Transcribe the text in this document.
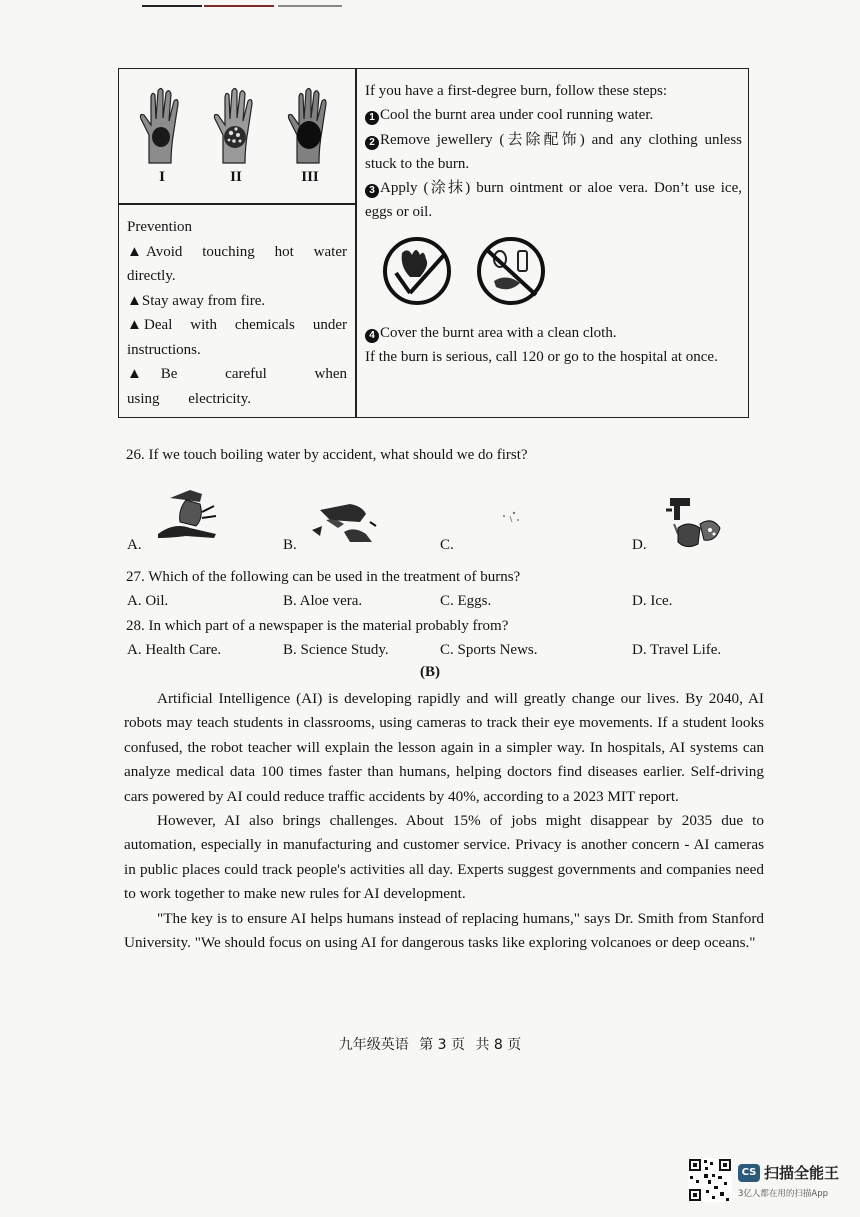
I	II	III
Prevention
▲Avoid touching hot water directly.
▲Stay away from fire.
▲Deal with chemicals under instructions.
▲Be careful when using electricity.

If you have a first-degree burn, follow these steps:

1 Cool the burnt area under cool running water.

2 Remove jewellery (去除配饰) and any clothing unless stuck to the burn.

3 Apply (涂抹) burn ointment or aloe vera. Don’t use ice, eggs or oil.

4 Cover the burnt area with a clean cloth.

If the burn is serious, call 120 or go to the hospital at once.

26. If we touch boiling water by accident, what should we do first?
A.	B.	C.	D.
27. Which of the following can be used in the treatment of burns?
A. Oil.	B. Aloe vera.	C. Eggs.	D. Ice.
28. In which part of a newspaper is the material probably from?
A. Health Care.	B. Science Study.	C. Sports News.	D. Travel Life.
(B)

Artificial Intelligence (AI) is developing rapidly and will greatly change our lives. By 2040, AI robots may teach students in classrooms, using cameras to track their eye movements. If a student looks confused, the robot teacher will explain the lesson again in a simpler way. In hospitals, AI systems can analyze medical data 100 times faster than humans, helping doctors find diseases earlier. Self-driving cars powered by AI could reduce traffic accidents by 40%, according to a 2023 MIT report.

However, AI also brings challenges. About 15% of jobs might disappear by 2035 due to automation, especially in manufacturing and customer service. Privacy is another concern - AI cameras in public places could track people's activities all day. Experts suggest governments and companies need to work together to make new rules for AI development.

"The key is to ensure AI helps humans instead of replacing humans," says Dr. Smith from Stanford University. "We should focus on using AI for dangerous tasks like exploring volcanoes or deep oceans."

九年级英语 第 3 页 共 8 页
CS 扫描全能王
3亿人都在用的扫描App
